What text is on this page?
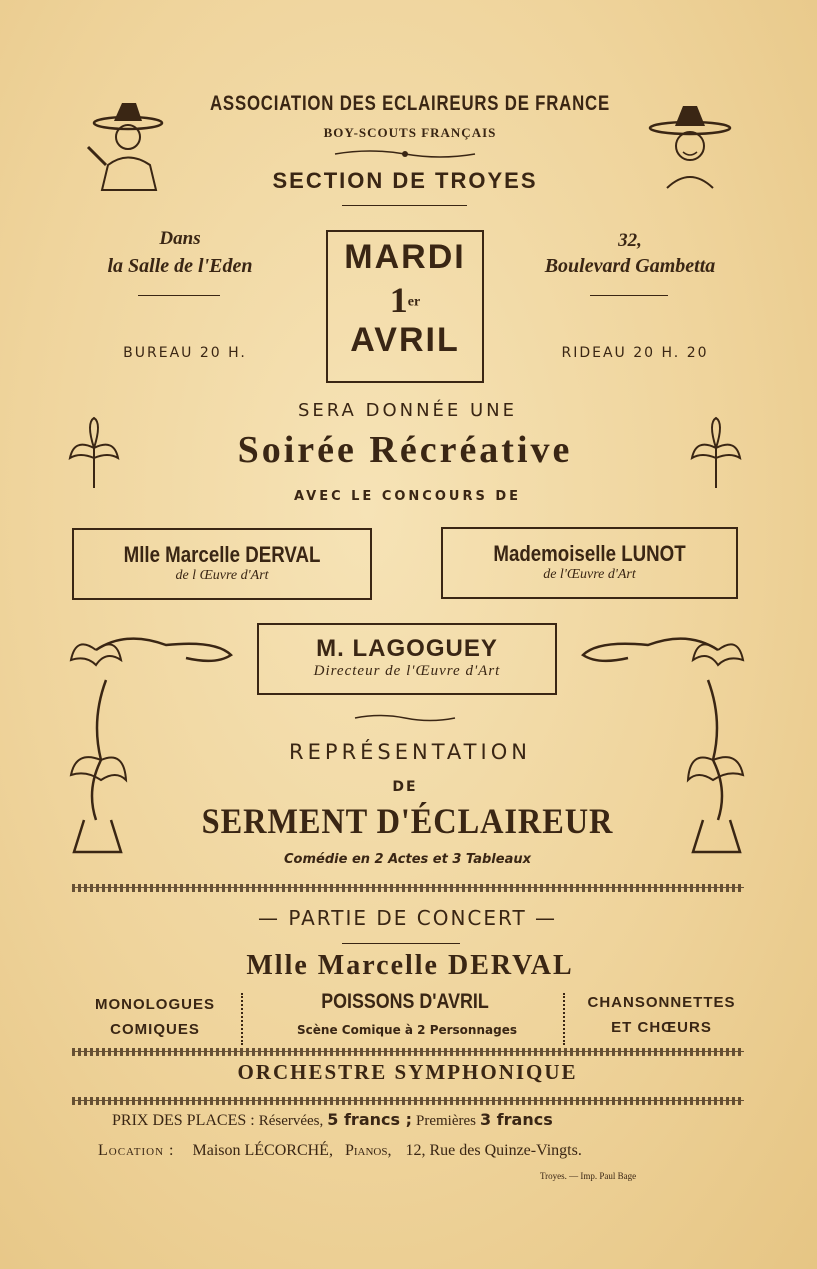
ASSOCIATION DES ECLAIREURS DE FRANCE
BOY-SCOUTS FRANÇAIS
SECTION DE TROYES
Dans
la Salle de l'Eden
BUREAU 20 H.
32,
Boulevard Gambetta
RIDEAU 20 H. 20
MARDI
1er
AVRIL
SERA DONNÉE UNE
Soirée Récréative
AVEC LE CONCOURS DE
Mlle Marcelle DERVAL
de l Œuvre d'Art
Mademoiselle LUNOT
de l'Œuvre d'Art
M. LAGOGUEY
Directeur de l'Œuvre d'Art
REPRÉSENTATION
DE
SERMENT D'ÉCLAIREUR
Comédie en 2 Actes et 3 Tableaux
— PARTIE DE CONCERT —
Mlle Marcelle DERVAL
MONOLOGUES
COMIQUES
POISSONS D'AVRIL
Scène Comique à 2 Personnages
CHANSONNETTES
ET CHŒURS
ORCHESTRE SYMPHONIQUE
PRIX DES PLACES : Réservées, 5 francs ; Premières 3 francs
Location : Maison LÉCORCHÉ, Pianos, 12, Rue des Quinze-Vingts.
Troyes. — Imp. Paul Bage
